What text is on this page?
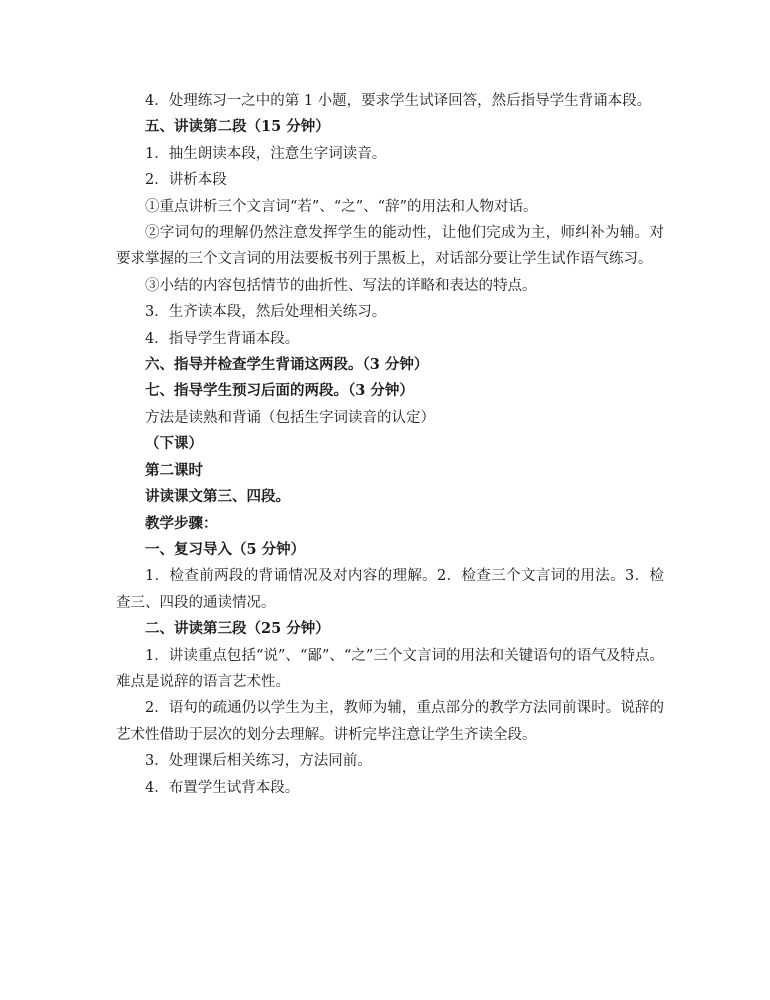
4．处理练习一之中的第 1 小题，要求学生试译回答，然后指导学生背诵本段。

五、讲读第二段（15 分钟）

1．抽生朗读本段，注意生字词读音。

2．讲析本段

①重点讲析三个文言词“若”、“之”、“辞”的用法和人物对话。

②字词句的理解仍然注意发挥学生的能动性，让他们完成为主，师纠补为辅。对要求掌握的三个文言词的用法要板书列于黑板上，对话部分要让学生试作语气练习。

③小结的内容包括情节的曲折性、写法的详略和表达的特点。

3．生齐读本段，然后处理相关练习。

4．指导学生背诵本段。

六、指导并检查学生背诵这两段。（3 分钟）

七、指导学生预习后面的两段。（3 分钟）

方法是读熟和背诵（包括生字词读音的认定）

（下课）

第二课时

讲读课文第三、四段。

教学步骤：

一、复习导入（5 分钟）

1．检查前两段的背诵情况及对内容的理解。2．检查三个文言词的用法。3．检查三、四段的通读情况。

二、讲读第三段（25 分钟）

1．讲读重点包括“说”、“鄙”、“之”三个文言词的用法和关键语句的语气及特点。难点是说辞的语言艺术性。

2．语句的疏通仍以学生为主，教师为辅，重点部分的教学方法同前课时。说辞的艺术性借助于层次的划分去理解。讲析完毕注意让学生齐读全段。

3．处理课后相关练习，方法同前。

4．布置学生试背本段。
